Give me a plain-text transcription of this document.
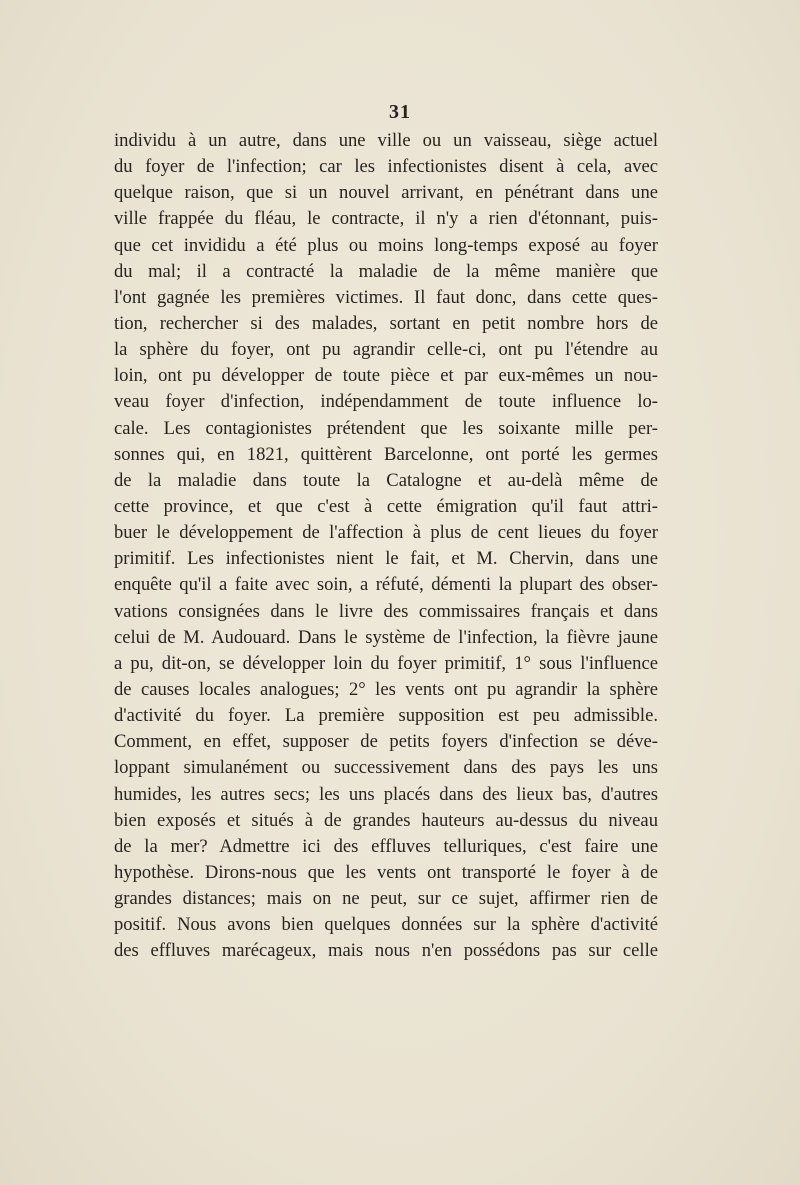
31
individu à un autre, dans une ville ou un vaisseau, siège actuel
du foyer de l'infection; car les infectionistes disent à cela, avec
quelque raison, que si un nouvel arrivant, en pénétrant dans une
ville frappée du fléau, le contracte, il n'y a rien d'étonnant, puis-
que cet invididu a été plus ou moins long-temps exposé au foyer
du mal; il a contracté la maladie de la même manière que
l'ont gagnée les premières victimes. Il faut donc, dans cette ques-
tion, rechercher si des malades, sortant en petit nombre hors de
la sphère du foyer, ont pu agrandir celle-ci, ont pu l'étendre au
loin, ont pu développer de toute pièce et par eux-mêmes un nou-
veau foyer d'infection, indépendamment de toute influence lo-
cale. Les contagionistes prétendent que les soixante mille per-
sonnes qui, en 1821, quittèrent Barcelonne, ont porté les germes
de la maladie dans toute la Catalogne et au-delà même de
cette province, et que c'est à cette émigration qu'il faut attri-
buer le développement de l'affection à plus de cent lieues du foyer
primitif. Les infectionistes nient le fait, et M. Chervin, dans une
enquête qu'il a faite avec soin, a réfuté, démenti la plupart des obser-
vations consignées dans le livre des commissaires français et dans
celui de M. Audouard. Dans le système de l'infection, la fièvre jaune
a pu, dit-on, se développer loin du foyer primitif, 1° sous l'influence
de causes locales analogues; 2° les vents ont pu agrandir la sphère
d'activité du foyer. La première supposition est peu admissible.
Comment, en effet, supposer de petits foyers d'infection se déve-
loppant simulanément ou successivement dans des pays les uns
humides, les autres secs; les uns placés dans des lieux bas, d'autres
bien exposés et situés à de grandes hauteurs au-dessus du niveau
de la mer? Admettre ici des effluves telluriques, c'est faire une
hypothèse. Dirons-nous que les vents ont transporté le foyer à de
grandes distances; mais on ne peut, sur ce sujet, affirmer rien de
positif. Nous avons bien quelques données sur la sphère d'activité
des effluves marécageux, mais nous n'en possédons pas sur celle
